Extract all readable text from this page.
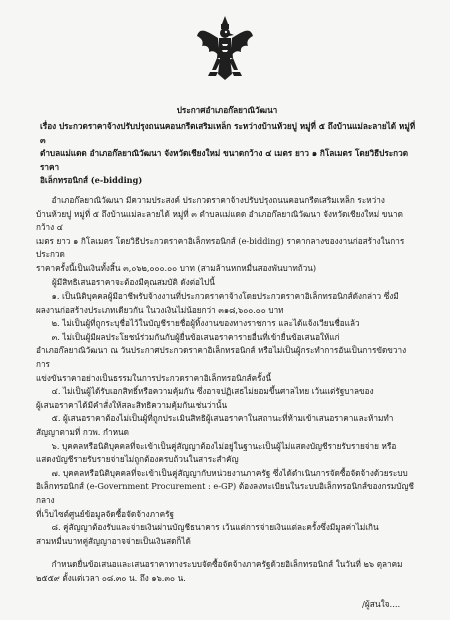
ประกาศอำเภอก๊ลยาณิวัฒนา
เรื่อง ประกวดราคาจ้างปรับปรุงถนนคอนกรีตเสริมเหล็ก ระหว่างบ้านห้วยปู หมู่ที่ ๕ ถึงบ้านแม่ละลายได้ หมู่ที่ ๓
ตำบลแม่แดด อำเภอก๊ลยาณิวัฒนา จังหวัดเชียงใหม่ ขนาดกว้าง ๔ เมตร ยาว ๑ กิโลเมตร โดยวิธีประกวดราคา
อิเล็กทรอนิกส์ (e-bidding)
อำเภอก๊ลยาณิวัฒนา มีความประสงค์ ประกวดราคาจ้างปรับปรุงถนนคอนกรีตเสริมเหล็ก ระหว่าง
บ้านห้วยปู หมู่ที่ ๕ ถึงบ้านแม่ละลายได้ หมู่ที่ ๓ ตำบลแม่แดด อำเภอก๊ลยาณิวัฒนา จังหวัดเชียงใหม่ ขนาดกว้าง ๔
เมตร ยาว ๑ กิโลเมตร โดยวิธีประกวดราคาอิเล็กทรอนิกส์ (e-bidding) ราคากลางของงานก่อสร้างในการประกวด
ราคาครั้งนี้เป็นเงินทั้งสิ้น ๓,๐๖๒,๐๐๐.๐๐ บาท (สามล้านหกหมื่นสองพันบาทถ้วน)
ผู้มีสิทธิเสนอราคาจะต้องมีคุณสมบัติ ดังต่อไปนี้
๑. เป็นนิติบุคคลผู้มีอาชีพรับจ้างงานที่ประกวดราคาจ้างโดยประกวดราคาอิเล็กทรอนิกส์ดังกล่าว ซึ่งมี
ผลงานก่อสร้างประเภทเดียวกัน ในวงเงินไม่น้อยกว่า ๓๑๘,๖๐๐.๐๐ บาท
๒. ไม่เป็นผู้ที่ถูกระบุชื่อไว้ในบัญชีรายชื่อผู้ทิ้งงานของทางราชการ และได้แจ้งเวียนชื่อแล้ว
๓. ไม่เป็นผู้มีผลประโยชน์ร่วมกันกับผู้ยื่นข้อเสนอราคารายอื่นที่เข้ายื่นข้อเสนอให้แก่
อำเภอก๊ลยาณิวัฒนา ณ วันประกาศประกวดราคาอิเล็กทรอนิกส์ หรือไม่เป็นผู้กระทำการอันเป็นการขัดขวางการ
แข่งขันราคาอย่างเป็นธรรมในการประกวดราคาอิเล็กทรอนิกส์ครั้งนี้
๔. ไม่เป็นผู้ได้รับเอกสิทธิ์หรือความคุ้มกัน ซึ่งอาจปฏิเสธไม่ยอมขึ้นศาลไทย เว้นแต่รัฐบาลของ
ผู้เสนอราคาได้มีคำสั่งให้สละสิทธิความคุ้มกันเช่นว่านั้น
๕. ผู้เสนอราคาต้องไม่เป็นผู้ที่ถูกประเมินสิทธิผู้เสนอราคาในสถานะที่ห้ามเข้าเสนอราคาและห้ามทำ
สัญญาตามที่ กวพ. กำหนด
๖. บุคคลหรือนิติบุคคลที่จะเข้าเป็นคู่สัญญาต้องไม่อยู่ในฐานะเป็นผู้ไม่แสดงบัญชีรายรับรายจ่าย หรือ
แสดงบัญชีรายรับรายจ่ายไม่ถูกต้องครบถ้วนในสาระสำคัญ
๗. บุคคลหรือนิติบุคคลที่จะเข้าเป็นคู่สัญญากับหน่วยงานภาครัฐ ซึ่งได้ดำเนินการจัดซื้อจัดจ้างด้วยระบบ
อิเล็กทรอนิกส์ (e-Government Procurement : e-GP) ต้องลงทะเบียนในระบบอิเล็กทรอนิกส์ของกรมบัญชีกลาง
ที่เว็บไซต์ศูนย์ข้อมูลจัดซื้อจัดจ้างภาครัฐ
๘. คู่สัญญาต้องรับและจ่ายเงินผ่านบัญชีธนาคาร เว้นแต่การจ่ายเงินแต่ละครั้งซึ่งมีมูลค่าไม่เกิน
สามหมื่นบาทคู่สัญญาอาจจ่ายเป็นเงินสดก็ได้
กำหนดยื่นข้อเสนอและเสนอราคาทางระบบจัดซื้อจัดจ้างภาครัฐด้วยอิเล็กทรอนิกส์ ในวันที่ ๒๖ ตุลาคม
๒๕๕๙ ตั้งแต่เวลา ๐๘.๓๐ น. ถึง ๑๖.๓๐ น.
/ผู้สนใจ....
